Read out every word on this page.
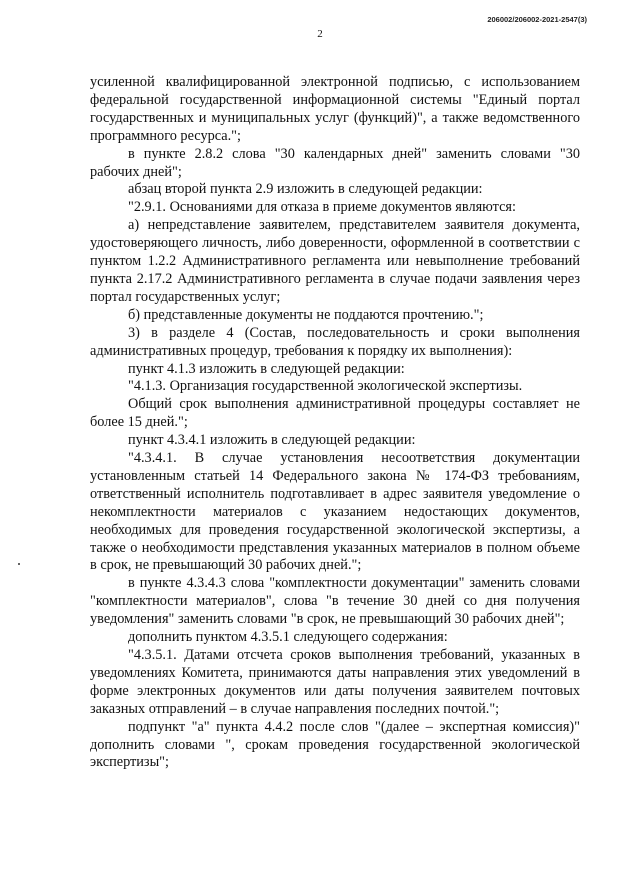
206002/206002-2021-2547(3)
2

усиленной квалифицированной электронной подписью, с использованием федеральной государственной информационной системы "Единый портал государственных и муниципальных услуг (функций)", а также ведомственного программного ресурса.";

в пункте 2.8.2 слова "30 календарных дней" заменить словами "30 рабочих дней";

абзац второй пункта 2.9 изложить в следующей редакции:

"2.9.1. Основаниями для отказа в приеме документов являются:

а) непредставление заявителем, представителем заявителя документа, удостоверяющего личность, либо доверенности, оформленной в соответствии с пунктом 1.2.2 Административного регламента или невыполнение требований пункта 2.17.2 Административного регламента в случае подачи заявления через портал государственных услуг;

б) представленные документы не поддаются прочтению.";

3) в разделе 4 (Состав, последовательность и сроки выполнения административных процедур, требования к порядку их выполнения):

пункт 4.1.3 изложить в следующей редакции:

"4.1.3. Организация государственной экологической экспертизы.

Общий срок выполнения административной процедуры составляет не более 15 дней.";

пункт 4.3.4.1 изложить в следующей редакции:

"4.3.4.1. В случае установления несоответствия документации установленным статьей 14 Федерального закона № 174-ФЗ требованиям, ответственный исполнитель подготавливает в адрес заявителя уведомление о некомплектности материалов с указанием недостающих документов, необходимых для проведения государственной экологической экспертизы, а также о необходимости представления указанных материалов в полном объеме в срок, не превышающий 30 рабочих дней.";

в пункте 4.3.4.3 слова "комплектности документации" заменить словами "комплектности материалов", слова "в течение 30 дней со дня получения уведомления" заменить словами "в срок, не превышающий 30 рабочих дней";

дополнить пунктом 4.3.5.1 следующего содержания:

"4.3.5.1. Датами отсчета сроков выполнения требований, указанных в уведомлениях Комитета, принимаются даты направления этих уведомлений в форме электронных документов или даты получения заявителем почтовых заказных отправлений – в случае направления последних почтой.";

подпункт "а" пункта 4.4.2 после слов "(далее – экспертная комиссия)" дополнить словами ", срокам проведения государственной экологической экспертизы";
